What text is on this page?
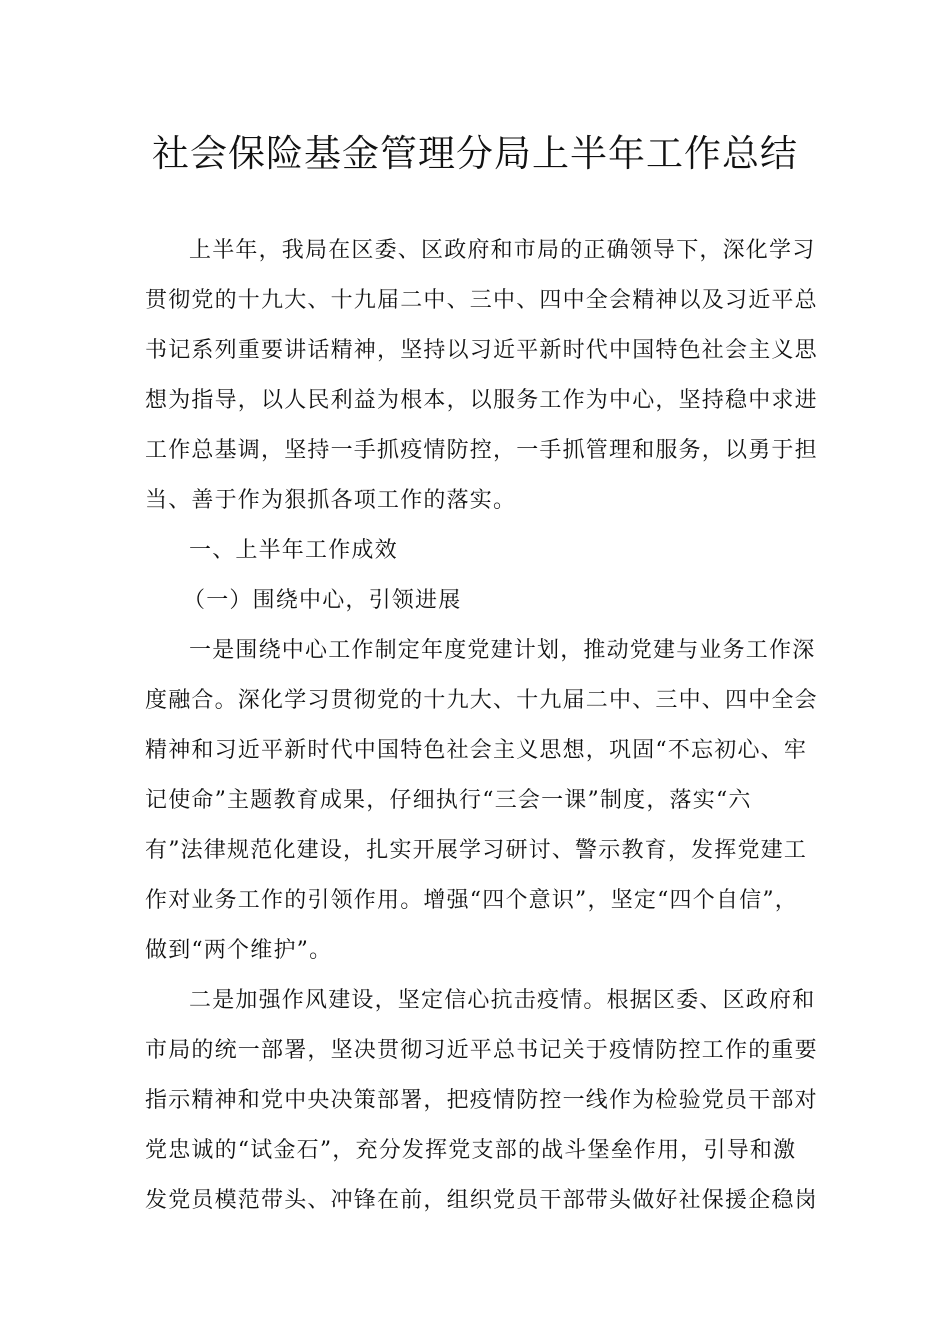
社会保险基金管理分局上半年工作总结
上半年，我局在区委、区政府和市局的正确领导下，深化学习
贯彻党的十九大、十九届二中、三中、四中全会精神以及习近平总
书记系列重要讲话精神，坚持以习近平新时代中国特色社会主义思
想为指导，以人民利益为根本，以服务工作为中心，坚持稳中求进
工作总基调，坚持一手抓疫情防控，一手抓管理和服务，以勇于担
当、善于作为狠抓各项工作的落实。
一、上半年工作成效
（一）围绕中心，引领进展
一是围绕中心工作制定年度党建计划，推动党建与业务工作深
度融合。深化学习贯彻党的十九大、十九届二中、三中、四中全会
精神和习近平新时代中国特色社会主义思想，巩固“不忘初心、牢
记使命”主题教育成果，仔细执行“三会一课”制度，落实“六
有”法律规范化建设，扎实开展学习研讨、警示教育，发挥党建工
作对业务工作的引领作用。增强“四个意识”，坚定“四个自信”，
做到“两个维护”。
二是加强作风建设，坚定信心抗击疫情。根据区委、区政府和
市局的统一部署，坚决贯彻习近平总书记关于疫情防控工作的重要
指示精神和党中央决策部署，把疫情防控一线作为检验党员干部对
党忠诚的“试金石”，充分发挥党支部的战斗堡垒作用，引导和激
发党员模范带头、冲锋在前，组织党员干部带头做好社保援企稳岗
